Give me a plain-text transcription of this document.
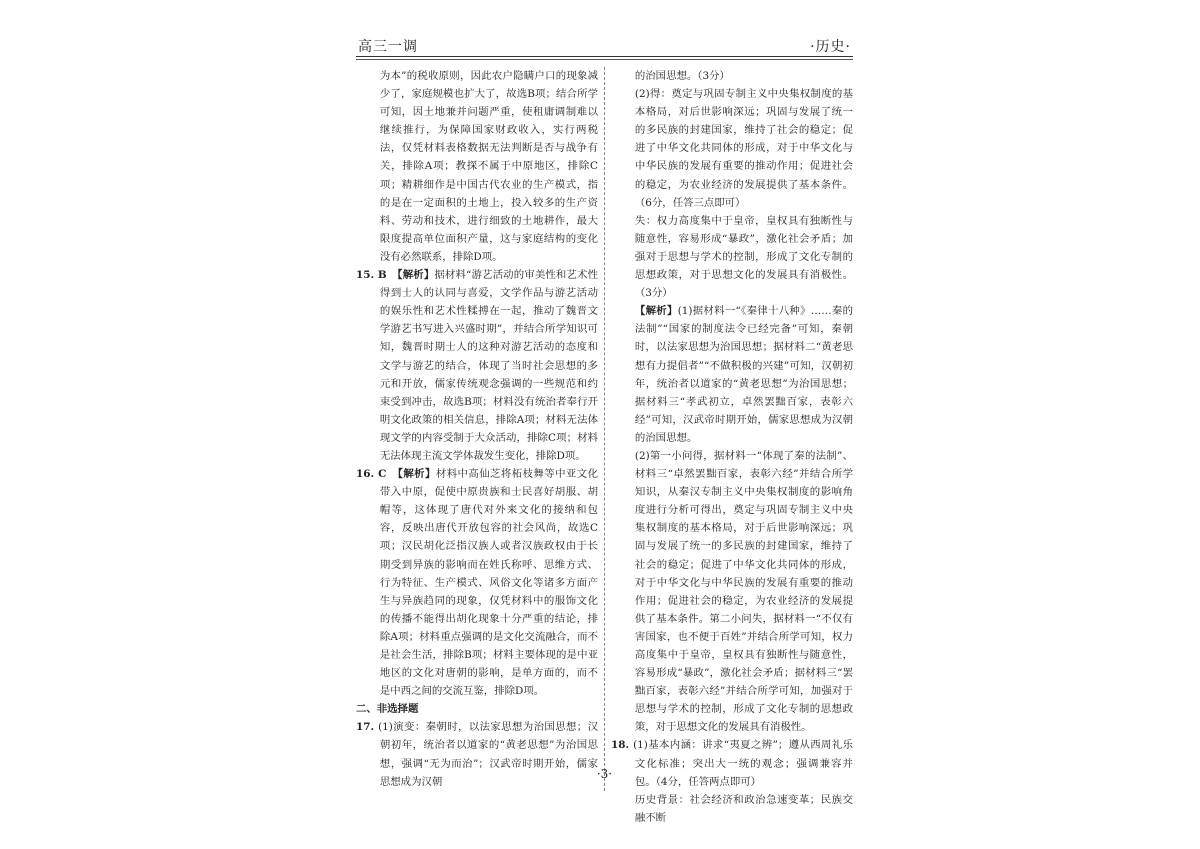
高三一调	·历史·

为本”的税收原则，因此农户隐瞒户口的现象减少了，家庭规模也扩大了，故选B项；结合所学可知，因土地兼并问题严重，使租庸调制难以继续推行，为保障国家财政收入，实行两税法，仅凭材料表格数据无法判断是否与战争有关，排除A项；教探不属于中原地区，排除C项；精耕细作是中国古代农业的生产模式，指的是在一定面积的土地上，投入较多的生产资料、劳动和技术，进行细致的土地耕作，最大限度提高单位面积产量，这与家庭结构的变化没有必然联系，排除D项。

15. B　【解析】据材料“游艺活动的审美性和艺术性得到士人的认同与喜爱，文学作品与游艺活动的娱乐性和艺术性糅搏在一起，推动了魏晋文学游艺书写进入兴盛时期”，并结合所学知识可知，魏晋时期士人的这种对游艺活动的态度和文学与游艺的结合，体现了当时社会思想的多元和开放，儒家传统观念强调的一些规范和约束受到冲击，故选B项；材料没有统治者奉行开明文化政策的相关信息，排除A项；材料无法体现文学的内容受制于大众活动，排除C项；材料无法体现主流文学体裁发生变化，排除D项。

16. C　【解析】材料中高仙芝将柘枝舞等中亚文化带入中原，促使中原贵族和士民喜好胡服、胡帽等，这体现了唐代对外来文化的接纳和包容，反映出唐代开放包容的社会风尚，故选C项；汉民胡化泛指汉族人或者汉族政权由于长期受到异族的影响而在姓氏称呼、思维方式、行为特征、生产模式、风俗文化等诸多方面产生与异族趋同的现象，仅凭材料中的服饰文化的传播不能得出胡化现象十分严重的结论，排除A项；材料重点强调的是文化交流融合，而不是社会生活，排除B项；材料主要体现的是中亚地区的文化对唐朝的影响，是单方面的，而不是中西之间的交流互鉴，排除D项。

二、非选择题

17. (1)演变：秦朝时，以法家思想为治国思想；汉朝初年，统治者以道家的“黄老思想”为治国思想，强调“无为而治”；汉武帝时期开始，儒家思想成为汉朝

的治国思想。（3分）

(2)得：奠定与巩固专制主义中央集权制度的基本格局，对后世影响深远；巩固与发展了统一的多民族的封建国家，维持了社会的稳定；促进了中华文化共同体的形成，对于中华文化与中华民族的发展有重要的推动作用；促进社会的稳定，为农业经济的发展提供了基本条件。（6分，任答三点即可）

失：权力高度集中于皇帝，皇权具有独断性与随意性，容易形成“暴政”，激化社会矛盾；加强对于思想与学术的控制，形成了文化专制的思想政策，对于思想文化的发展具有消极性。（3分）

【解析】(1)据材料一“《秦律十八种》……秦的法制”“国家的制度法令已经完备”可知，秦朝时，以法家思想为治国思想；据材料二“黄老思想有力提倡者”“不做积极的兴建”可知，汉朝初年，统治者以道家的“黄老思想”为治国思想；据材料三“孝武初立，卓然罢黜百家，表彰六经”可知，汉武帝时期开始，儒家思想成为汉朝的治国思想。

(2)第一小问得，据材料一“体现了秦的法制”、材料三“卓然罢黜百家，表彰六经”并结合所学知识，从秦汉专制主义中央集权制度的影响角度进行分析可得出，奠定与巩固专制主义中央集权制度的基本格局，对于后世影响深远；巩固与发展了统一的多民族的封建国家，维持了社会的稳定；促进了中华文化共同体的形成，对于中华文化与中华民族的发展有重要的推动作用；促进社会的稳定，为农业经济的发展提供了基本条件。第二小问失，据材料一“不仅有害国家，也不便于百姓”并结合所学可知，权力高度集中于皇帝，皇权具有独断性与随意性，容易形成“暴政”，激化社会矛盾；据材料三“罢黜百家，表彰六经”并结合所学可知，加强对于思想与学术的控制，形成了文化专制的思想政策，对于思想文化的发展具有消极性。

18. (1)基本内涵：讲求“夷夏之辨”；遵从西周礼乐文化标准；突出大一统的观念；强调兼容并包。（4分，任答两点即可）

历史背景：社会经济和政治急速变革；民族交融不断

·3·
